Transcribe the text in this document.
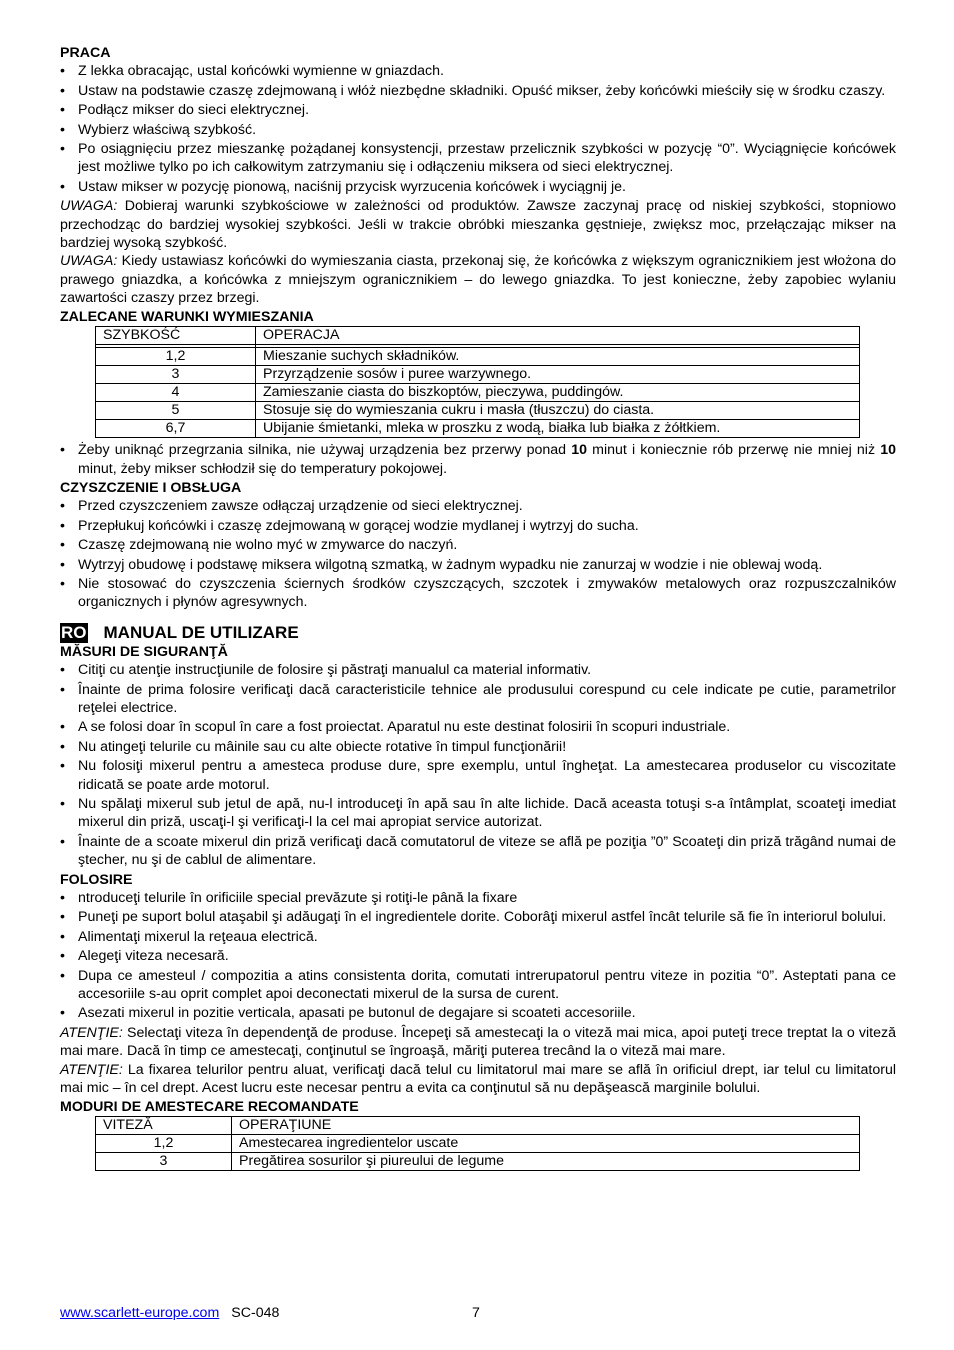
PRACA
• Z lekka obracając, ustal końcówki wymienne w gniazdach.
• Ustaw na podstawie czaszę zdejmowaną i włóż niezbędne składniki. Opuść mikser, żeby końcówki mieściły się w środku czaszy.
• Podłącz mikser do sieci elektrycznej.
• Wybierz właściwą szybkość.
• Po osiągnięciu przez mieszankę pożądanej konsystencji, przestaw przelicznik szybkości w pozycję “0”. Wyciągnięcie końcówek jest możliwe tylko po ich całkowitym zatrzymaniu się i odłączeniu miksera od sieci elektrycznej.
• Ustaw mikser w pozycję pionową, naciśnij przycisk wyrzucenia końcówek i wyciągnij je.

UWAGA: Dobieraj warunki szybkościowe w zależności od produktów. Zawsze zaczynaj pracę od niskiej szybkości, stopniowo przechodząc do bardziej wysokiej szybkości. Jeśli w trakcie obróbki mieszanka gęstnieje, zwiększ moc, przełączając mikser na bardziej wysoką szybkość.

UWAGA: Kiedy ustawiasz końcówki do wymieszania ciasta, przekonaj się, że końcówka z większym ogranicznikiem jest włożona do prawego gniazdka, a końcówka z mniejszym ogranicznikiem – do lewego gniazdka. To jest konieczne, żeby zapobiec wylaniu zawartości czaszy przez brzegi.

ZALECANE WARUNKI WYMIESZANIA
SZYBKOŚĆ	OPERACJA

1,2	Mieszanie suchych składników.
3	Przyrządzenie sosów i puree warzywnego.
4	Zamieszanie ciasta do biszkoptów, pieczywa, puddingów.
5	Stosuje się do wymieszania cukru i masła (tłuszczu) do ciasta.
6,7	Ubijanie śmietanki, mleka w proszku z wodą, białka lub białka z żółtkiem.
• Żeby uniknąć przegrzania silnika, nie używaj urządzenia bez przerwy ponad 10 minut i koniecznie rób przerwę nie mniej niż 10 minut, żeby mikser schłodził się do temperatury pokojowej.
CZYSZCZENIE I OBSŁUGA
• Przed czyszczeniem zawsze odłączaj urządzenie od sieci elektrycznej.
• Przepłukuj końcówki i czaszę zdejmowaną w gorącej wodzie mydlanej i wytrzyj do sucha.
• Czaszę zdejmowaną nie wolno myć w zmywarce do naczyń.
• Wytrzyj obudowę i podstawę miksera wilgotną szmatką, w żadnym wypadku nie zanurzaj w wodzie i nie oblewaj wodą.
• Nie stosować do czyszczenia ściernych środków czyszczących, szczotek i zmywaków metalowych oraz rozpuszczalników organicznych i płynów agresywnych.
RO MANUAL DE UTILIZARE
MĂSURI DE SIGURANŢĂ
• Citiţi cu atenţie instrucţiunile de folosire şi păstraţi manualul ca material informativ.
• Înainte de prima folosire verificaţi dacă caracteristicile tehnice ale produsului corespund cu cele indicate pe cutie, parametrilor reţelei electrice.
• A se folosi doar în scopul în care a fost proiectat. Aparatul nu este destinat folosirii în scopuri industriale.
• Nu atingeţi telurile cu mâinile sau cu alte obiecte rotative în timpul funcţionării!
• Nu folosiţi mixerul pentru a amesteca produse dure, spre exemplu, untul îngheţat. La amestecarea produselor cu viscozitate ridicată se poate arde motorul.
• Nu spălaţi mixerul sub jetul de apă, nu-l introduceţi în apă sau în alte lichide. Dacă aceasta totuşi s-a întâmplat, scoateţi imediat mixerul din priză, uscaţi-l şi verificaţi-l la cel mai apropiat service autorizat.
• Înainte de a scoate mixerul din priză verificaţi dacă comutatorul de viteze se află pe poziţia ”0” Scoateţi din priză trăgând numai de ştecher, nu şi de cablul de alimentare.
FOLOSIRE
• ntroduceţi telurile în orificiile special prevăzute şi rotiţi-le până la fixare
• Puneţi pe suport bolul ataşabil şi adăugaţi în el ingredientele dorite. Coborâţi mixerul astfel încât telurile să fie în interiorul bolului.
• Alimentaţi mixerul la reţeaua electrică.
• Alegeţi viteza necesară.
• Dupa ce amesteul / compozitia a atins consistenta dorita, comutati intrerupatorul pentru viteze in pozitia “0”. Asteptati pana ce accesoriile s-au oprit complet apoi deconectati mixerul de la sursa de curent.
• Asezati mixerul in pozitie verticala, apasati pe butonul de degajare si scoateti accesoriile.

ATENŢIE: Selectaţi viteza în dependenţă de produse. Începeţi să amestecaţi la o viteză mai mica, apoi puteţi trece treptat la o viteză mai mare. Dacă în timp ce amestecaţi, conţinutul se îngroaşă, măriţi puterea trecând la o viteză mai mare.

ATENŢIE: La fixarea telurilor pentru aluat, verificaţi dacă telul cu limitatorul mai mare se află în orificiul drept, iar telul cu limitatorul mai mic – în cel drept. Acest lucru este necesar pentru a evita ca conţinutul să nu depăşească marginile bolului.

MODURI DE AMESTECARE RECOMANDATE
VITEZĂ	OPERAŢIUNE
1,2	Amestecarea ingredientelor uscate
3	Pregătirea sosurilor şi piureului de legume
www.scarlett-europe.com SC-048	7
